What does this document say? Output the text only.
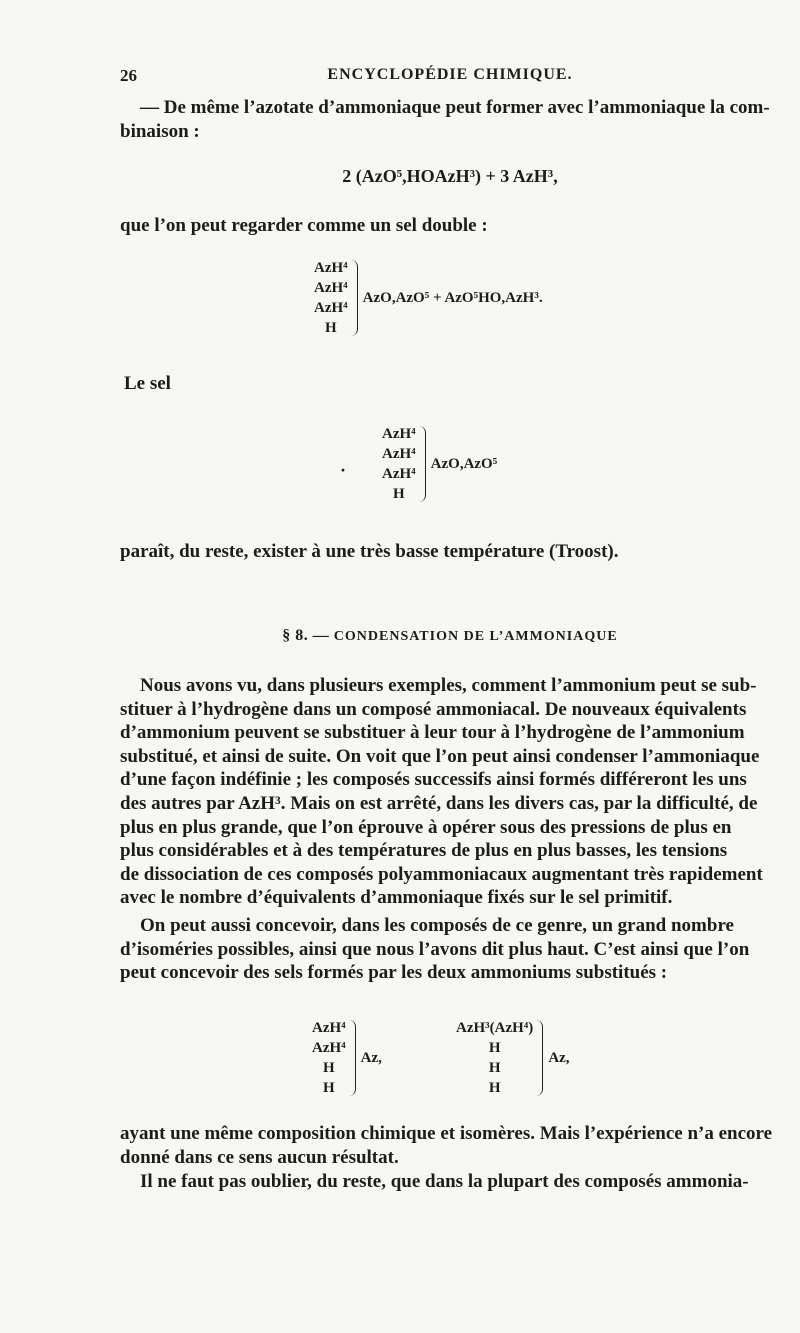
26	ENCYCLOPÉDIE CHIMIQUE.
— De même l’azotate d’ammoniaque peut former avec l’ammoniaque la com-
binaison :
2 (AzO⁵,HOAzH³) + 3 AzH³,
que l’on peut regarder comme un sel double :
AzH⁴
AzH⁴
AzH⁴
H
AzO,AzO⁵ + AzO⁵HO,AzH³.
Le sel
·
AzH⁴
AzH⁴
AzH⁴
H
AzO,AzO⁵
paraît, du reste, exister à une très basse température (Troost).
§ 8. — CONDENSATION DE L’AMMONIAQUE
Nous avons vu, dans plusieurs exemples, comment l’ammonium peut se sub-
stituer à l’hydrogène dans un composé ammoniacal. De nouveaux équivalents
d’ammonium peuvent se substituer à leur tour à l’hydrogène de l’ammonium
substitué, et ainsi de suite. On voit que l’on peut ainsi condenser l’ammoniaque
d’une façon indéfinie ; les composés successifs ainsi formés différeront les uns
des autres par AzH³. Mais on est arrêté, dans les divers cas, par la difficulté, de
plus en plus grande, que l’on éprouve à opérer sous des pressions de plus en
plus considérables et à des températures de plus en plus basses, les tensions
de dissociation de ces composés polyammoniacaux augmentant très rapidement
avec le nombre d’équivalents d’ammoniaque fixés sur le sel primitif.
On peut aussi concevoir, dans les composés de ce genre, un grand nombre
d’isoméries possibles, ainsi que nous l’avons dit plus haut. C’est ainsi que l’on
peut concevoir des sels formés par les deux ammoniums substitués :
AzH⁴
AzH⁴
H
H
Az,
AzH³(AzH⁴)
H
H
H
Az,
ayant une même composition chimique et isomères. Mais l’expérience n’a encore
donné dans ce sens aucun résultat.
Il ne faut pas oublier, du reste, que dans la plupart des composés ammonia-
